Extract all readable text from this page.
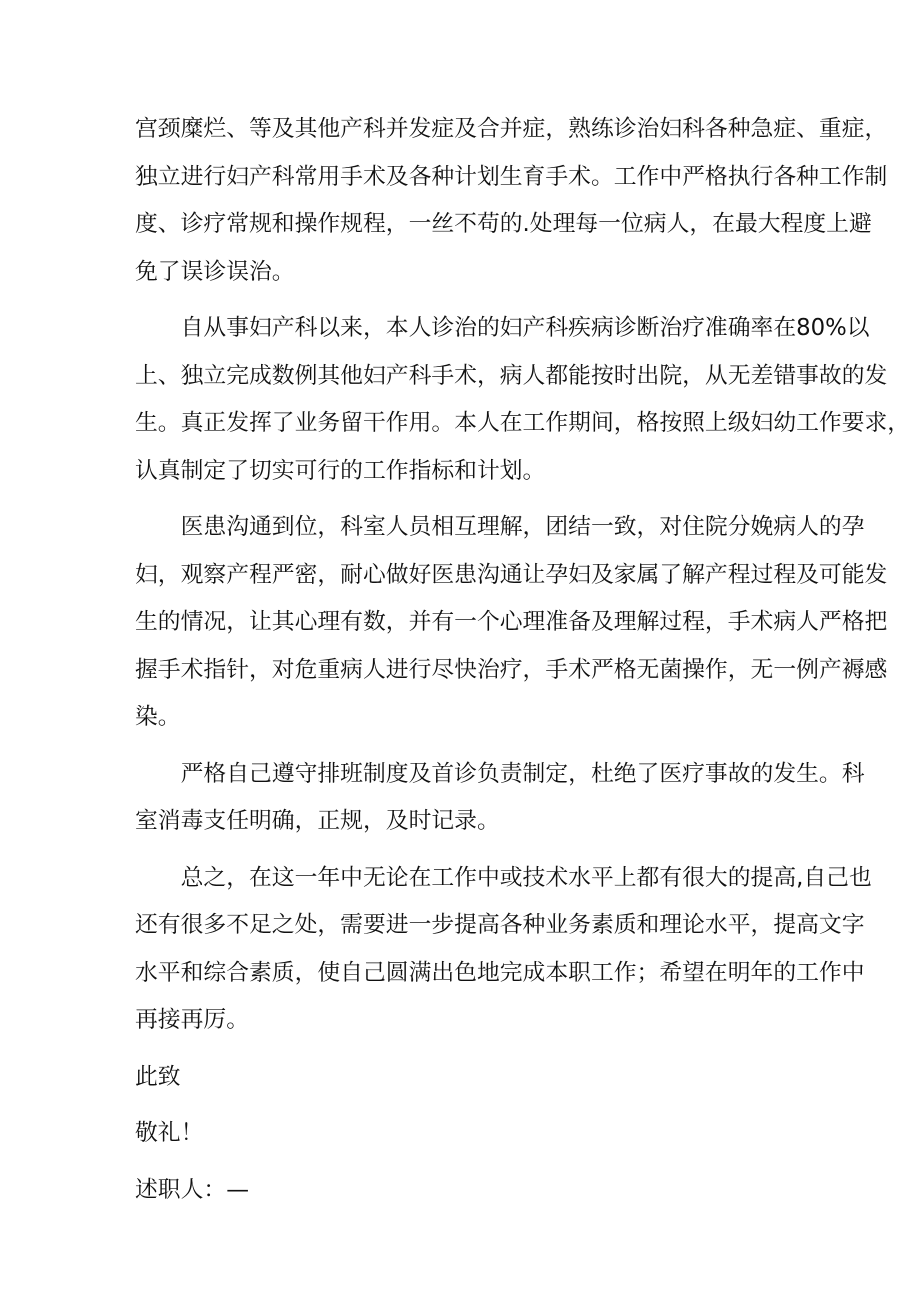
宫颈糜烂、等及其他产科并发症及合并症，熟练诊治妇科各种急症、重症，
独立进行妇产科常用手术及各种计划生育手术。工作中严格执行各种工作制
度、诊疗常规和操作规程，一丝不苟的.处理每一位病人，在最大程度上避
免了误诊误治。
自从事妇产科以来，本人诊治的妇产科疾病诊断治疗准确率在80%以
上、独立完成数例其他妇产科手术，病人都能按时出院，从无差错事故的发
生。真正发挥了业务留干作用。本人在工作期间，格按照上级妇幼工作要求，
认真制定了切实可行的工作指标和计划。
医患沟通到位，科室人员相互理解，团结一致，对住院分娩病人的孕
妇，观察产程严密，耐心做好医患沟通让孕妇及家属了解产程过程及可能发
生的情况，让其心理有数，并有一个心理准备及理解过程，手术病人严格把
握手术指针，对危重病人进行尽快治疗，手术严格无菌操作，无一例产褥感
染。
严格自己遵守排班制度及首诊负责制定，杜绝了医疗事故的发生。科
室消毒支任明确，正规，及时记录。
总之，在这一年中无论在工作中或技术水平上都有很大的提高,自己也
还有很多不足之处，需要进一步提高各种业务素质和理论水平，提高文字
水平和综合素质，使自己圆满出色地完成本职工作；希望在明年的工作中
再接再厉。
此致
敬礼！
述职人：—
